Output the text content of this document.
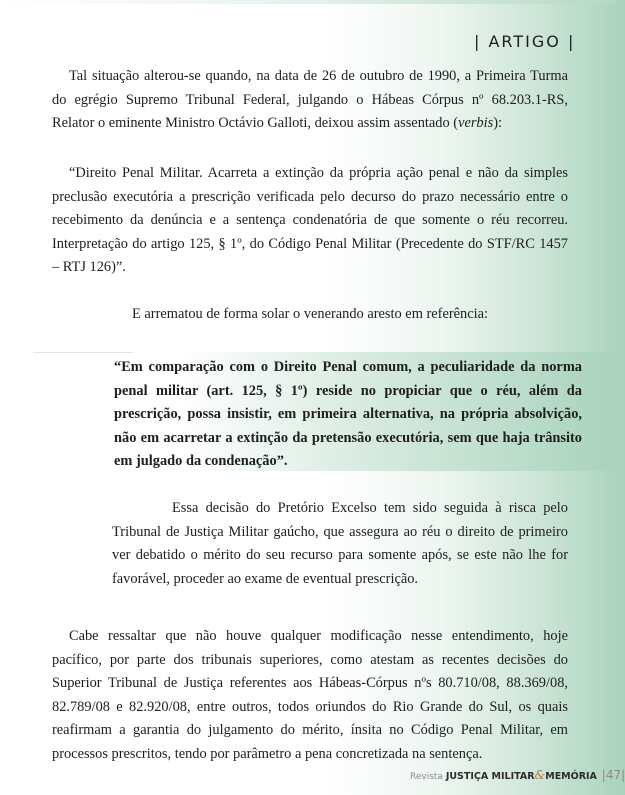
| ARTIGO |

Tal situação alterou-se quando, na data de 26 de outubro de 1990, a Primeira Turma do egrégio Supremo Tribunal Federal, julgando o Hábeas Córpus nº 68.203.1-RS, Relator o eminente Ministro Octávio Galloti, deixou assim assentado (verbis):

“Direito Penal Militar. Acarreta a extinção da própria ação penal e não da simples preclusão executória a prescrição verificada pelo decurso do prazo necessário entre o recebimento da denúncia e a sentença condenatória de que somente o réu recorreu. Interpretação do artigo 125, § 1º, do Código Penal Militar (Precedente do STF/RC 1457 – RTJ 126)”.

E arrematou de forma solar o venerando aresto em referência:

“Em comparação com o Direito Penal comum, a peculiaridade da norma penal militar (art. 125, § 1º) reside no propiciar que o réu, além da prescrição, possa insistir, em primeira alternativa, na própria absolvição, não em acarretar a extinção da pretensão executória, sem que haja trânsito em julgado da condenação”.

Essa decisão do Pretório Excelso tem sido seguida à risca pelo Tribunal de Justiça Militar gaúcho, que assegura ao réu o direito de primeiro ver debatido o mérito do seu recurso para somente após, se este não lhe for favorável, proceder ao exame de eventual prescrição.

Cabe ressaltar que não houve qualquer modificação nesse entendimento, hoje pacífico, por parte dos tribunais superiores, como atestam as recentes decisões do Superior Tribunal de Justiça referentes aos Hábeas-Córpus nºs 80.710/08, 88.369/08, 82.789/08 e 82.920/08, entre outros, todos oriundos do Rio Grande do Sul, os quais reafirmam a garantia do julgamento do mérito, ínsita no Código Penal Militar, em processos prescritos, tendo por parâmetro a pena concretizada na sentença.

Revista JUSTIÇA MILITAR&MEMÓRIA |47|
